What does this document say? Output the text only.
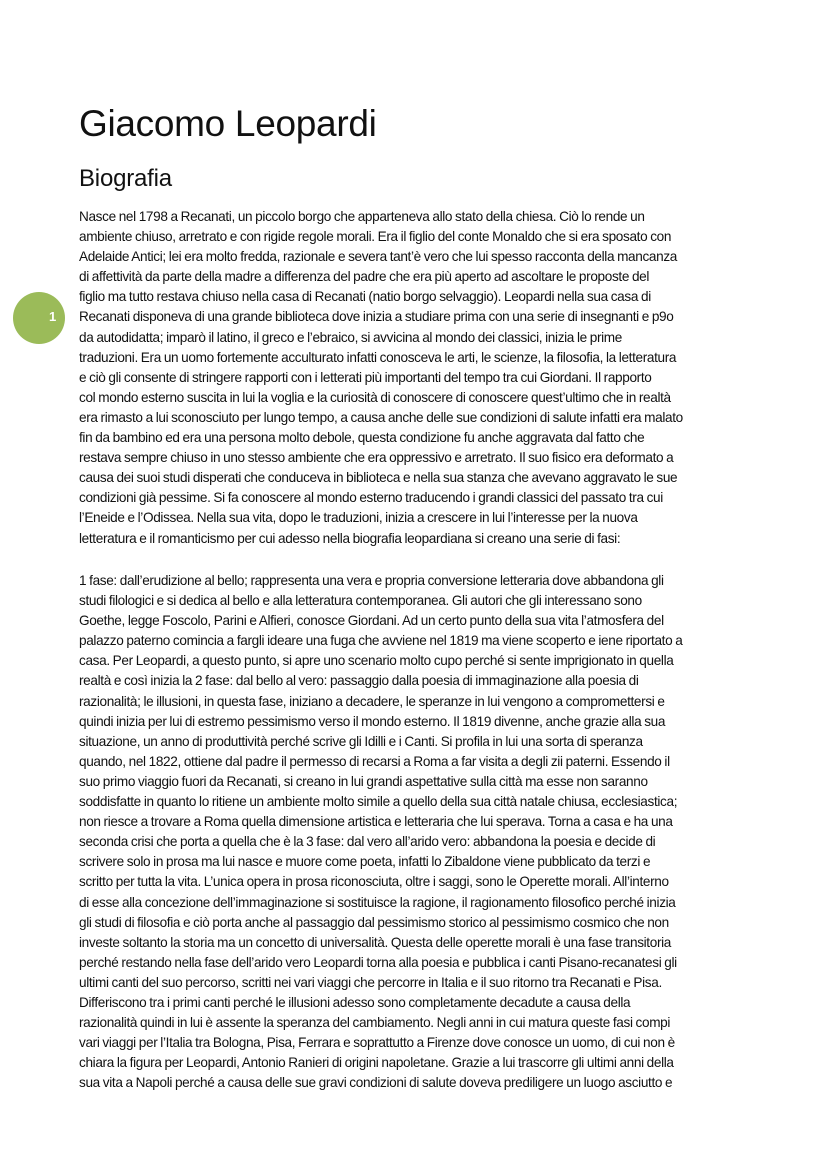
Giacomo Leopardi
Biografia
1

Nasce nel 1798 a Recanati, un piccolo borgo che apparteneva allo stato della chiesa. Ciò lo rende un
ambiente chiuso, arretrato e con rigide regole morali. Era il figlio del conte Monaldo che si era sposato con
Adelaide Antici; lei era molto fredda, razionale e severa tant’è vero che lui spesso racconta della mancanza
di affettività da parte della madre a differenza del padre che era più aperto ad ascoltare le proposte del
figlio ma tutto restava chiuso nella casa di Recanati (natio borgo selvaggio). Leopardi nella sua casa di
Recanati disponeva di una grande biblioteca dove inizia a studiare prima con una serie di insegnanti e p9o
da autodidatta; imparò il latino, il greco e l’ebraico, si avvicina al mondo dei classici, inizia le prime
traduzioni. Era un uomo fortemente acculturato infatti conosceva le arti, le scienze, la filosofia, la letteratura
e ciò gli consente di stringere rapporti con i letterati più importanti del tempo tra cui Giordani. Il rapporto
col mondo esterno suscita in lui la voglia e la curiosità di conoscere di conoscere quest’ultimo che in realtà
era rimasto a lui sconosciuto per lungo tempo, a causa anche delle sue condizioni di salute infatti era malato
fin da bambino ed era una persona molto debole, questa condizione fu anche aggravata dal fatto che
restava sempre chiuso in uno stesso ambiente che era oppressivo e arretrato. Il suo fisico era deformato a
causa dei suoi studi disperati che conduceva in biblioteca e nella sua stanza che avevano aggravato le sue
condizioni già pessime. Si fa conoscere al mondo esterno traducendo i grandi classici del passato tra cui
l’Eneide e l’Odissea. Nella sua vita, dopo le traduzioni, inizia a crescere in lui l’interesse per la nuova
letteratura e il romanticismo per cui adesso nella biografia leopardiana si creano una serie di fasi:

1 fase: dall’erudizione al bello; rappresenta una vera e propria conversione letteraria dove abbandona gli
studi filologici e si dedica al bello e alla letteratura contemporanea. Gli autori che gli interessano sono
Goethe, legge Foscolo, Parini e Alfieri, conosce Giordani. Ad un certo punto della sua vita l’atmosfera del
palazzo paterno comincia a fargli ideare una fuga che avviene nel 1819 ma viene scoperto e iene riportato a
casa. Per Leopardi, a questo punto, si apre uno scenario molto cupo perché si sente imprigionato in quella
realtà e così inizia la 2 fase: dal bello al vero: passaggio dalla poesia di immaginazione alla poesia di
razionalità; le illusioni, in questa fase, iniziano a decadere, le speranze in lui vengono a compromettersi e
quindi inizia per lui di estremo pessimismo verso il mondo esterno. Il 1819 divenne, anche grazie alla sua
situazione, un anno di produttività perché scrive gli Idilli e i Canti. Si profila in lui una sorta di speranza
quando, nel 1822, ottiene dal padre il permesso di recarsi a Roma a far visita a degli zii paterni. Essendo il
suo primo viaggio fuori da Recanati, si creano in lui grandi aspettative sulla città ma esse non saranno
soddisfatte in quanto lo ritiene un ambiente molto simile a quello della sua città natale chiusa, ecclesiastica;
non riesce a trovare a Roma quella dimensione artistica e letteraria che lui sperava. Torna a casa e ha una
seconda crisi che porta a quella che è la 3 fase: dal vero all’arido vero: abbandona la poesia e decide di
scrivere solo in prosa ma lui nasce e muore come poeta, infatti lo Zibaldone viene pubblicato da terzi e
scritto per tutta la vita. L’unica opera in prosa riconosciuta, oltre i saggi, sono le Operette morali. All’interno
di esse alla concezione dell’immaginazione si sostituisce la ragione, il ragionamento filosofico perché inizia
gli studi di filosofia e ciò porta anche al passaggio dal pessimismo storico al pessimismo cosmico che non
investe soltanto la storia ma un concetto di universalità. Questa delle operette morali è una fase transitoria
perché restando nella fase dell’arido vero Leopardi torna alla poesia e pubblica i canti Pisano-recanatesi gli
ultimi canti del suo percorso, scritti nei vari viaggi che percorre in Italia e il suo ritorno tra Recanati e Pisa.
Differiscono tra i primi canti perché le illusioni adesso sono completamente decadute a causa della
razionalità quindi in lui è assente la speranza del cambiamento. Negli anni in cui matura queste fasi compi
vari viaggi per l’Italia tra Bologna, Pisa, Ferrara e soprattutto a Firenze dove conosce un uomo, di cui non è
chiara la figura per Leopardi, Antonio Ranieri di origini napoletane. Grazie a lui trascorre gli ultimi anni della
sua vita a Napoli perché a causa delle sue gravi condizioni di salute doveva prediligere un luogo asciutto e
